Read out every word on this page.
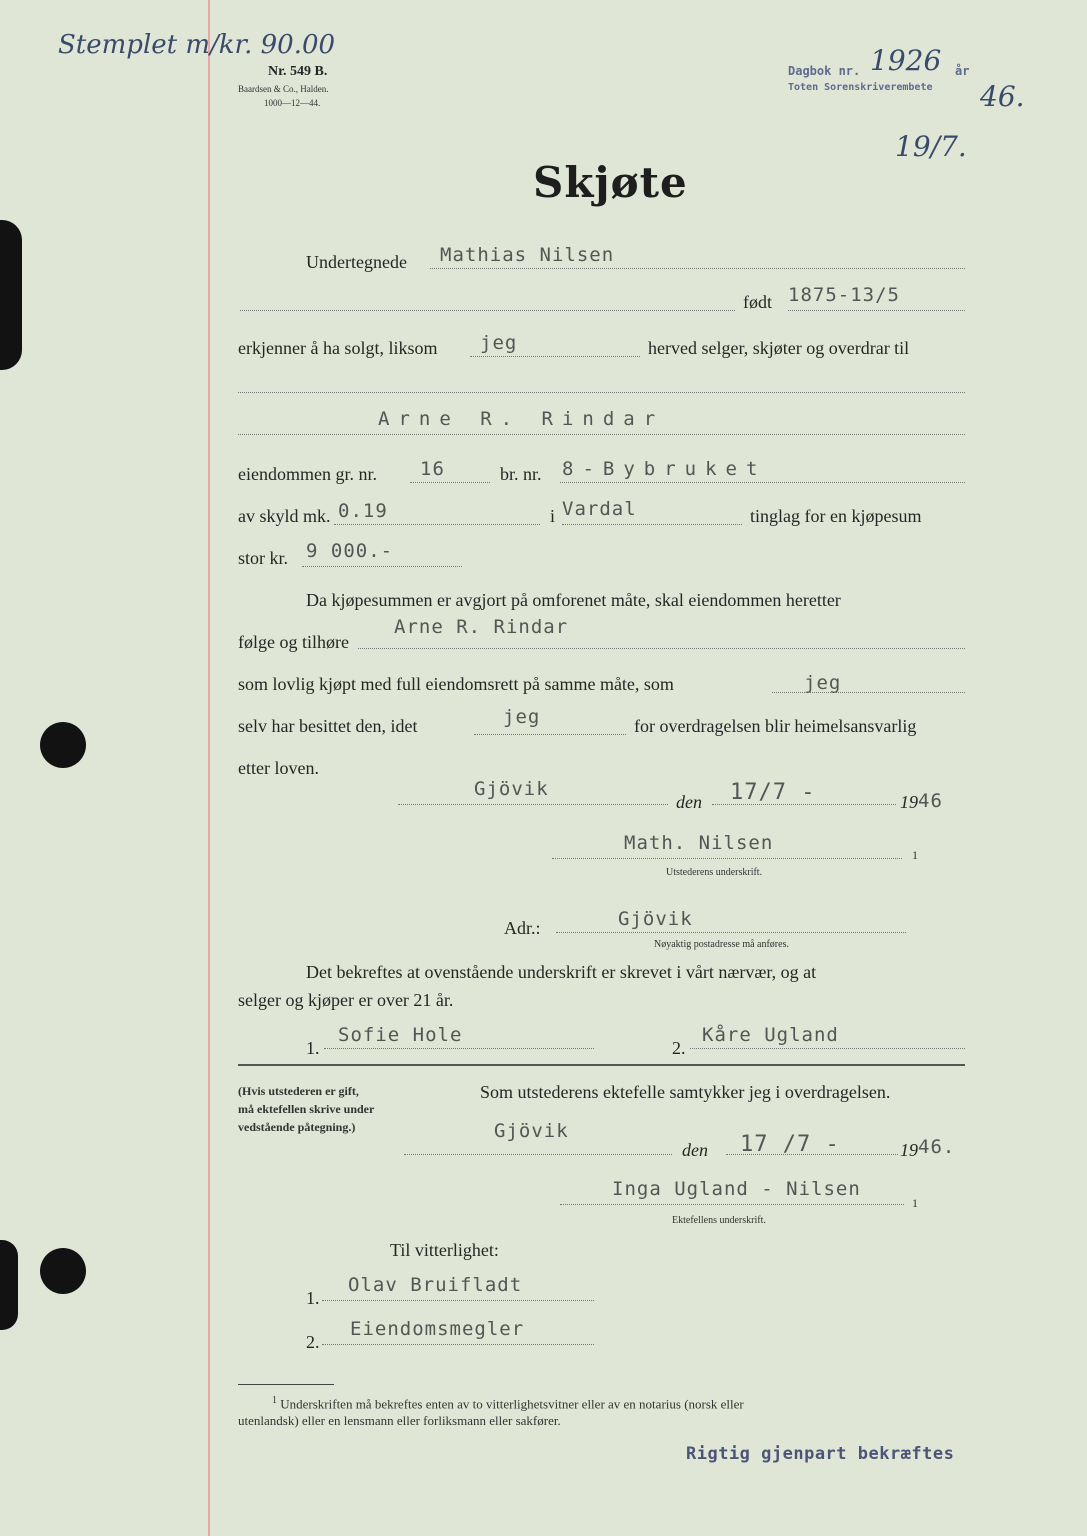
Stemplet m/kr. 90.00
Nr. 549 B.
Baardsen & Co., Halden.
1000—12—44.
Dagbok nr. 1926 år
46.
Toten Sorenskriverembete
19/7.
Skjøte
Undertegnede Mathias Nilsen
født 1875-13/5
erkjenner å ha solgt, liksom jeg	herved selger, skjøter og overdrar til
Arne R. Rindar
eiendommen gr. nr. 16	br. nr. 8-Bybruket
av skyld mk. 0.19	i Vardal	tinglag for en kjøpesum
stor kr. 9 000.-
Da kjøpesummen er avgjort på omforenet måte, skal eiendommen heretter
følge og tilhøre
Arne R. Rindar
som lovlig kjøpt med full eiendomsrett på samme måte, som	jeg
selv har besittet den, idet	jeg	for overdragelsen blir heimelsansvarlig
etter loven.
Gjövik
den 17/7 -	19 46
Math. Nilsen
1
Utstederens underskrift.
Adr.:	Gjövik
Nøyaktig postadresse må anføres.
Det bekreftes at ovenstående underskrift er skrevet i vårt nærvær, og at
selger og kjøper er over 21 år.
1.
Sofie Hole
2.
Kåre Ugland
(Hvis utstederen er gift,
må ektefellen skrive under
vedstående påtegning.)
Som utstederens ektefelle samtykker jeg i overdragelsen.
Gjövik
den 17 /7 -	19 46.
Inga Ugland - Nilsen
1
Ektefellens underskrift.
Til vitterlighet:
1.
Olav Bruifladt
2.
Eiendomsmegler
$^1$ Underskriften må bekreftes enten av to vitterlighetsvitner eller av en notarius (norsk eller
utenlandsk) eller en lensmann eller forliksmann eller sakfører.
Rigtig gjenpart bekræftes
